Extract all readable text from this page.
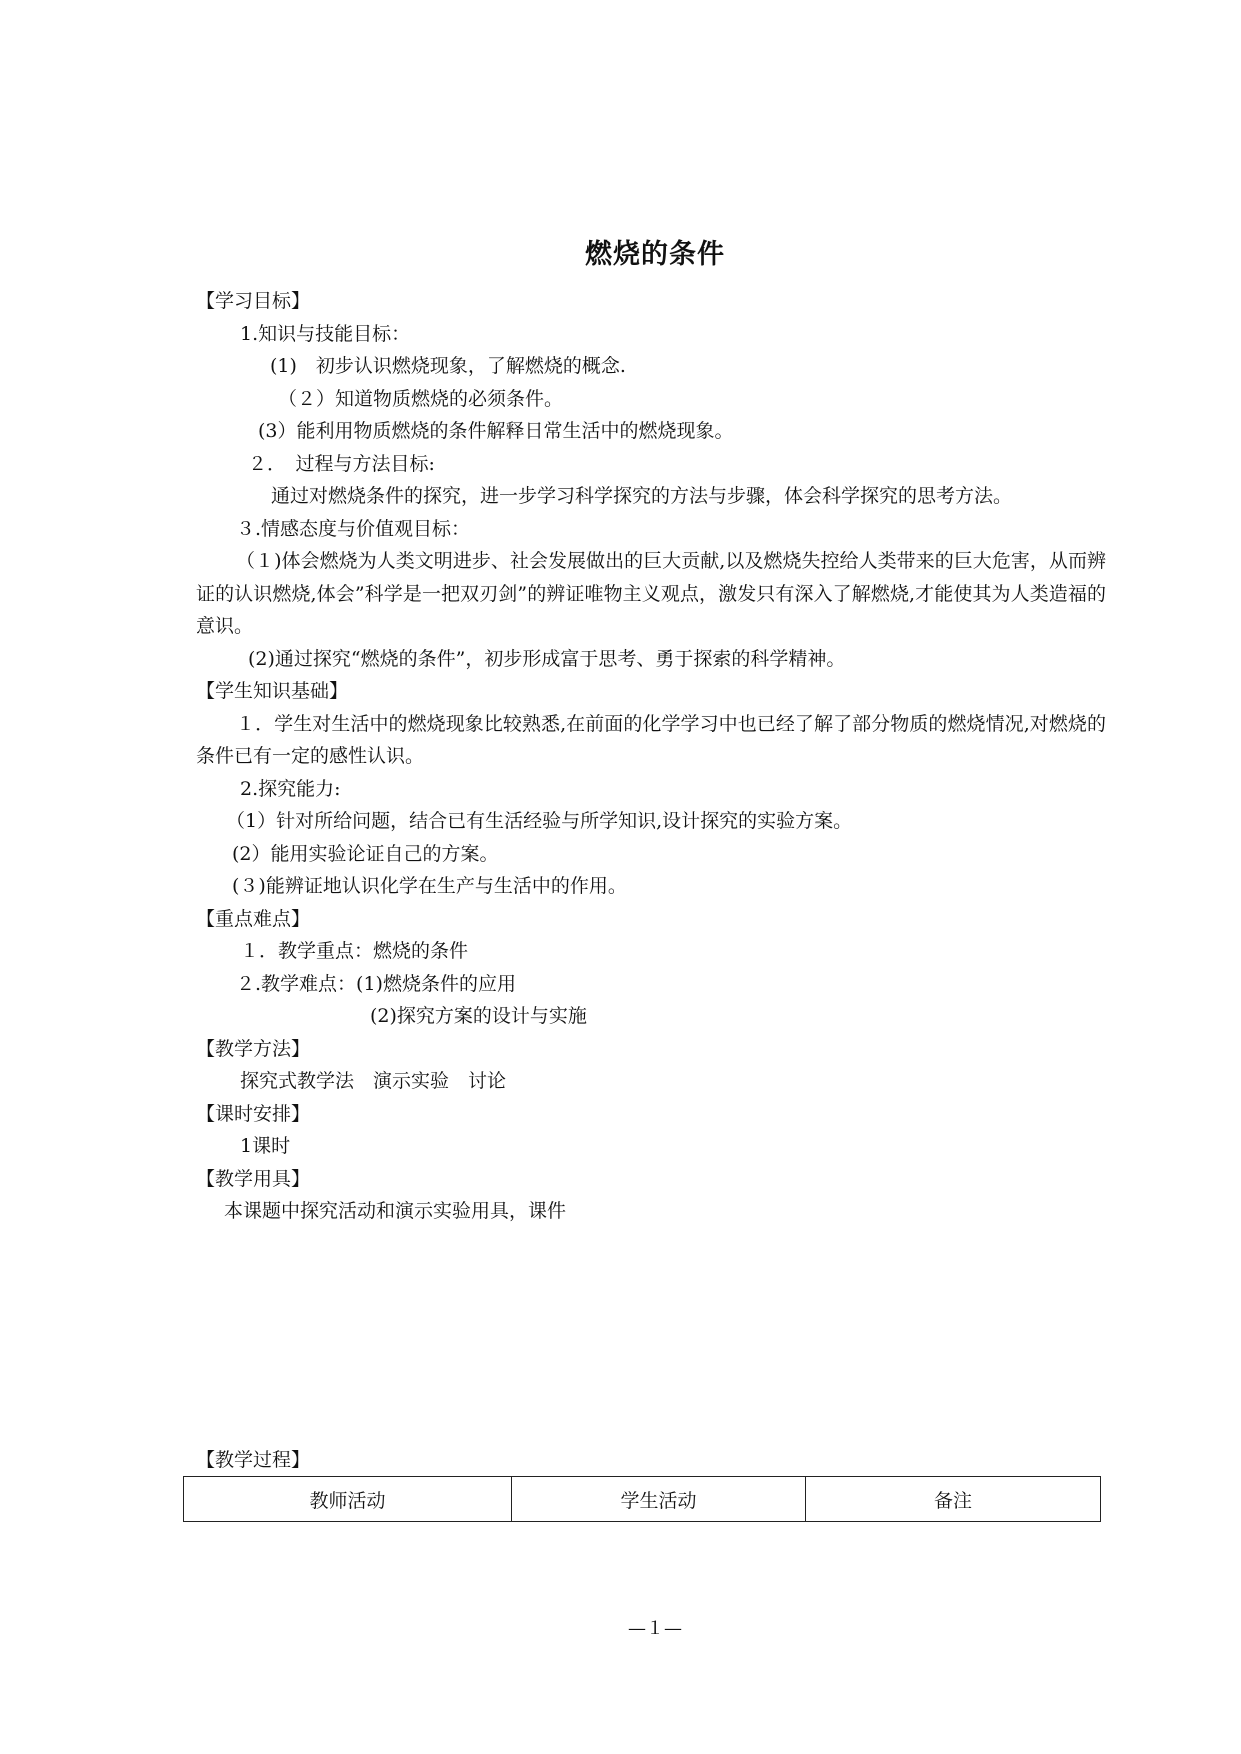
燃烧的条件

【学习目标】

1.知识与技能目标：

(1)　初步认识燃烧现象，了解燃烧的概念.

（２）知道物质燃烧的必须条件。

(3）能利用物质燃烧的条件解释日常生活中的燃烧现象。

２．　过程与方法目标:

通过对燃烧条件的探究，进一步学习科学探究的方法与步骤，体会科学探究的思考方法。

３.情感态度与价值观目标：

（１)体会燃烧为人类文明进步、社会发展做出的巨大贡献,以及燃烧失控给人类带来的巨大危害，从而辨证的认识燃烧,体会”科学是一把双刃剑”的辨证唯物主义观点，激发只有深入了解燃烧,才能使其为人类造福的意识。

(2)通过探究“燃烧的条件”，初步形成富于思考、勇于探索的科学精神。

【学生知识基础】

１．学生对生活中的燃烧现象比较熟悉,在前面的化学学习中也已经了解了部分物质的燃烧情况,对燃烧的条件已有一定的感性认识。

2.探究能力:

（1）针对所给问题，结合已有生活经验与所学知识,设计探究的实验方案。

(2）能用实验论证自己的方案。

(３)能辨证地认识化学在生产与生活中的作用。

【重点难点】

１．教学重点：燃烧的条件

２.教学难点：(1)燃烧条件的应用

(2)探究方案的设计与实施

【教学方法】

探究式教学法　演示实验　讨论

【课时安排】

1课时

【教学用具】

本课题中探究活动和演示实验用具，课件

【教学过程】
教师活动	学生活动	备注
—１—
